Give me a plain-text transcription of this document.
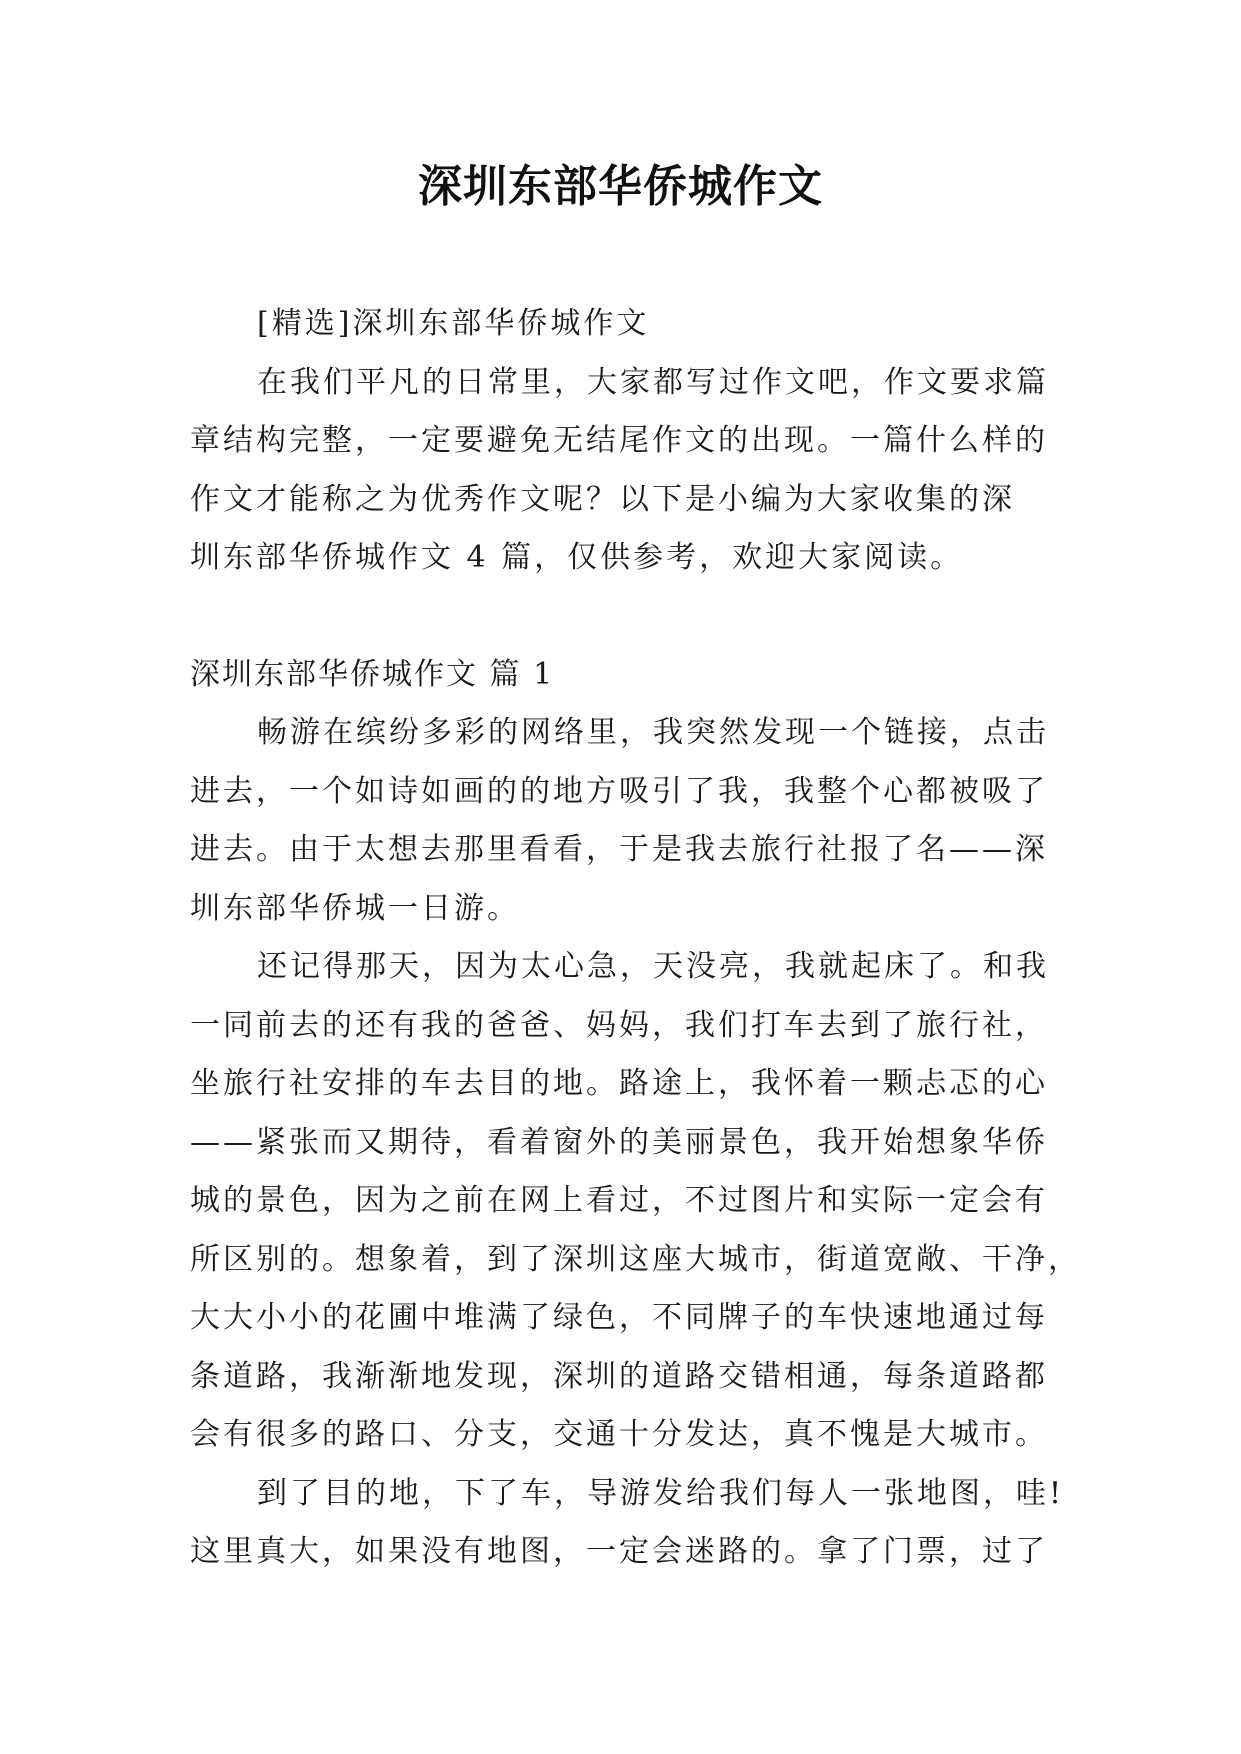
深圳东部华侨城作文
[精选]深圳东部华侨城作文
在我们平凡的日常里，大家都写过作文吧，作文要求篇
章结构完整，一定要避免无结尾作文的出现。一篇什么样的
作文才能称之为优秀作文呢？以下是小编为大家收集的深
圳东部华侨城作文 4 篇，仅供参考，欢迎大家阅读。
深圳东部华侨城作文 篇 1
畅游在缤纷多彩的网络里，我突然发现一个链接，点击
进去，一个如诗如画的的地方吸引了我，我整个心都被吸了
进去。由于太想去那里看看，于是我去旅行社报了名——深
圳东部华侨城一日游。
还记得那天，因为太心急，天没亮，我就起床了。和我
一同前去的还有我的爸爸、妈妈，我们打车去到了旅行社，
坐旅行社安排的车去目的地。路途上，我怀着一颗忐忑的心
——紧张而又期待，看着窗外的美丽景色，我开始想象华侨
城的景色，因为之前在网上看过，不过图片和实际一定会有
所区别的。想象着，到了深圳这座大城市，街道宽敞、干净，
大大小小的花圃中堆满了绿色，不同牌子的车快速地通过每
条道路，我渐渐地发现，深圳的道路交错相通，每条道路都
会有很多的路口、分支，交通十分发达，真不愧是大城市。
到了目的地，下了车，导游发给我们每人一张地图，哇!
这里真大，如果没有地图，一定会迷路的。拿了门票，过了
